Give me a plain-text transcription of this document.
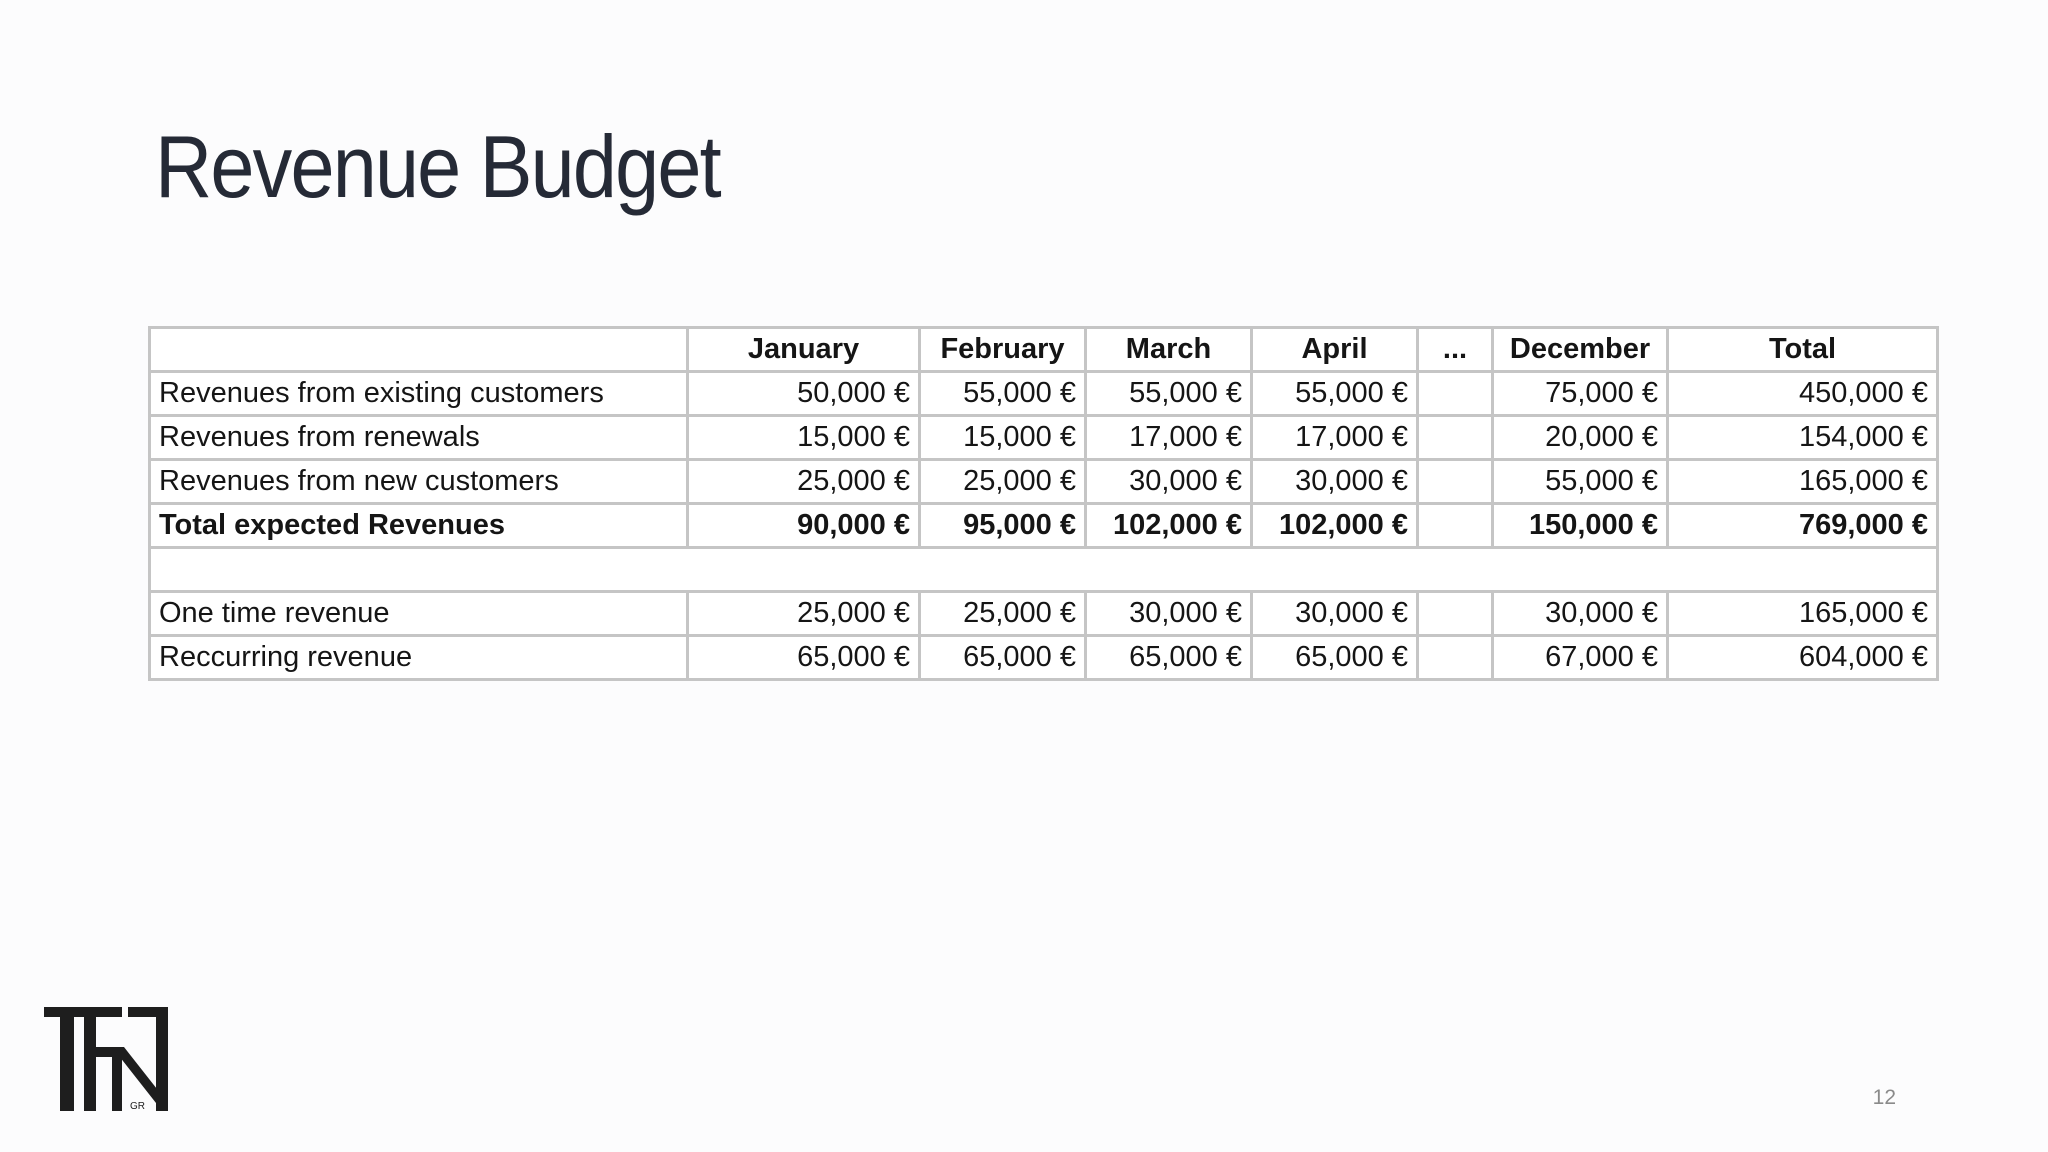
Revenue Budget
	January	February	March	April	...	December	Total
Revenues from existing customers	50,000 €	55,000 €	55,000 €	55,000 €		75,000 €	450,000 €
Revenues from renewals	15,000 €	15,000 €	17,000 €	17,000 €		20,000 €	154,000 €
Revenues from new customers	25,000 €	25,000 €	30,000 €	30,000 €		55,000 €	165,000 €
Total expected Revenues	90,000 €	95,000 €	102,000 €	102,000 €		150,000 €	769,000 €

One time revenue	25,000 €	25,000 €	30,000 €	30,000 €		30,000 €	165,000 €
Reccurring revenue	65,000 €	65,000 €	65,000 €	65,000 €		67,000 €	604,000 €
GR	12
